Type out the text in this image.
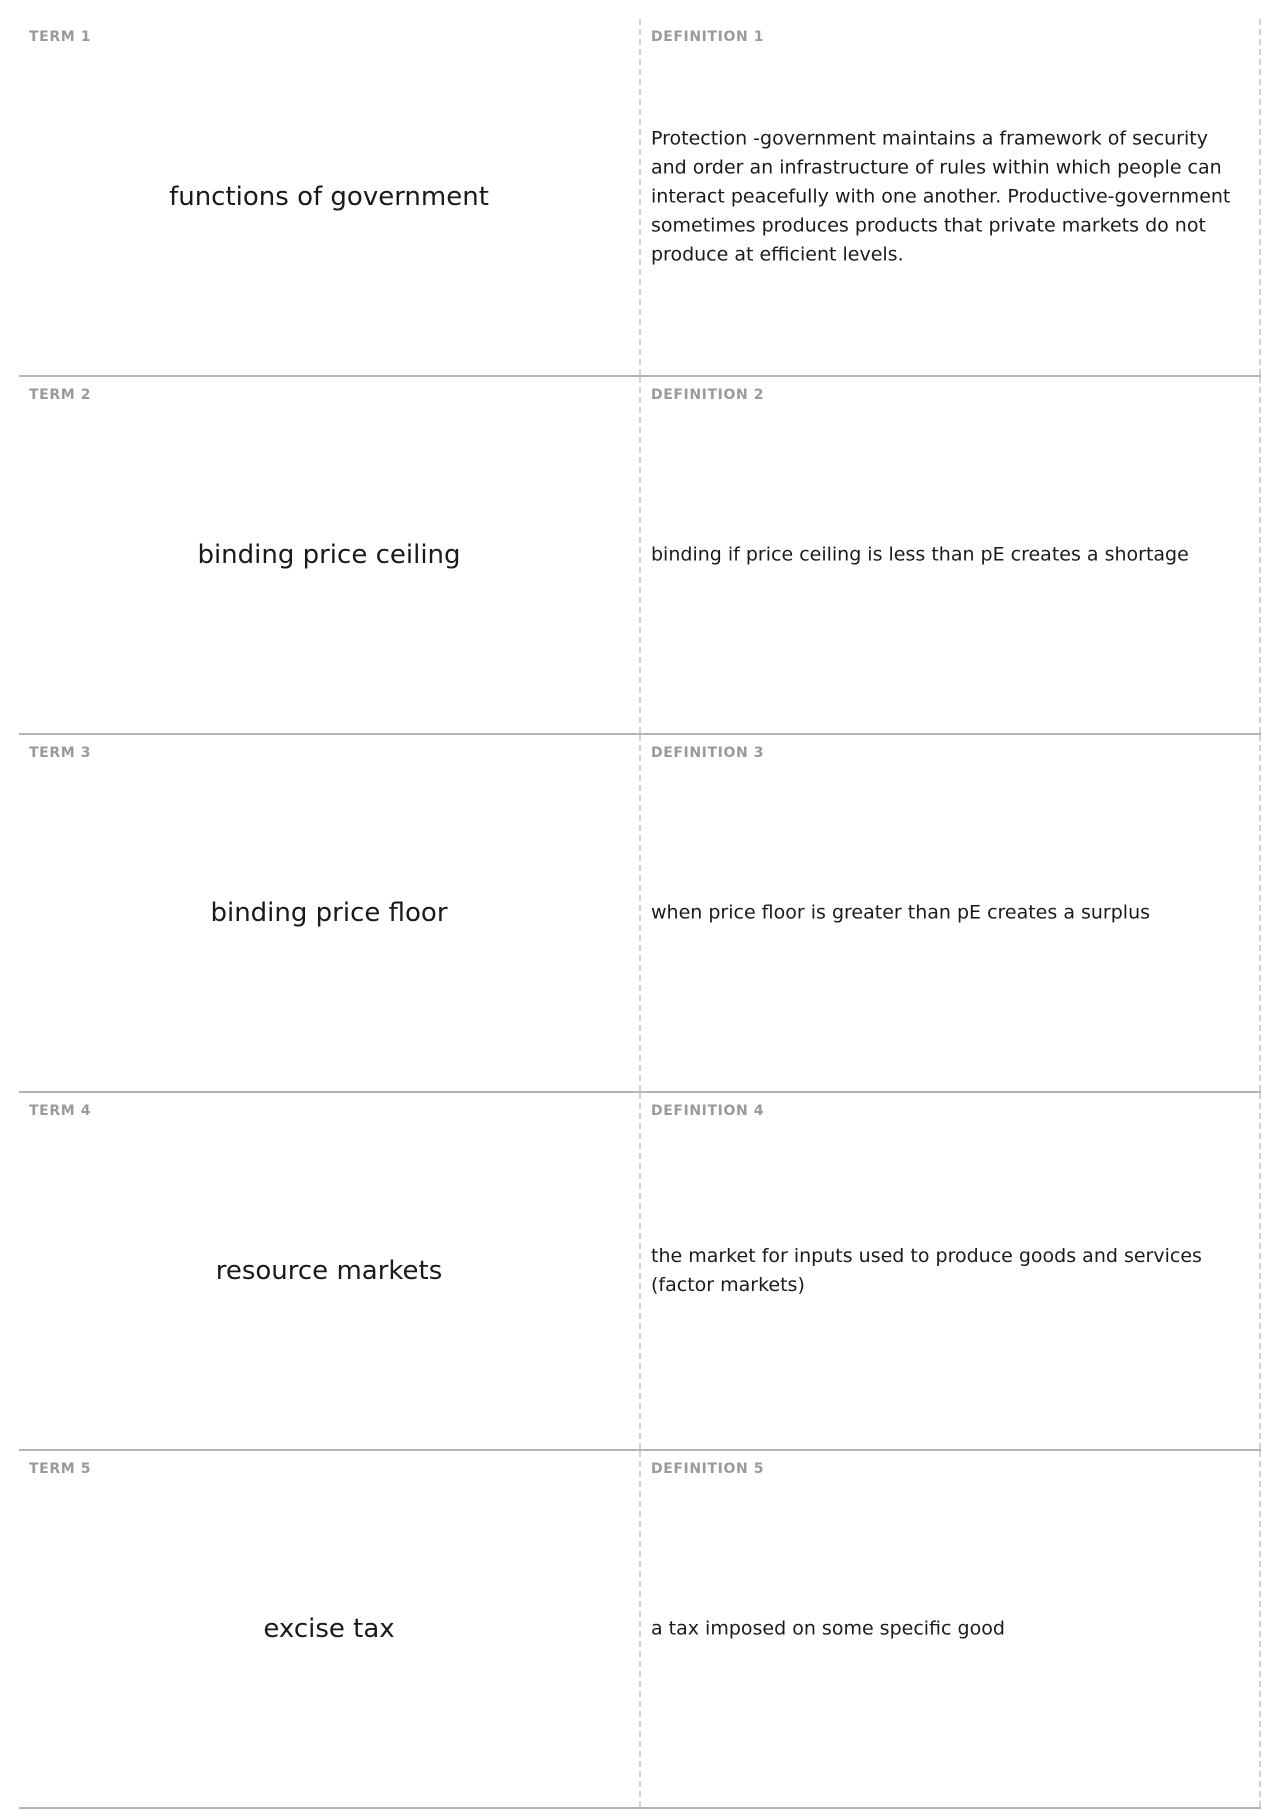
TERM 1
functions of government
DEFINITION 1
Protection -government maintains a framework of security and order an infrastructure of rules within which people can interact peacefully with one another. Productive-government sometimes produces products that private markets do not produce at efficient levels.
TERM 2
binding price ceiling
DEFINITION 2
binding if price ceiling is less than pE creates a shortage
TERM 3
binding price floor
DEFINITION 3
when price floor is greater than pE creates a surplus
TERM 4
resource markets
DEFINITION 4
the market for inputs used to produce goods and services (factor markets)
TERM 5
excise tax
DEFINITION 5
a tax imposed on some specific good
